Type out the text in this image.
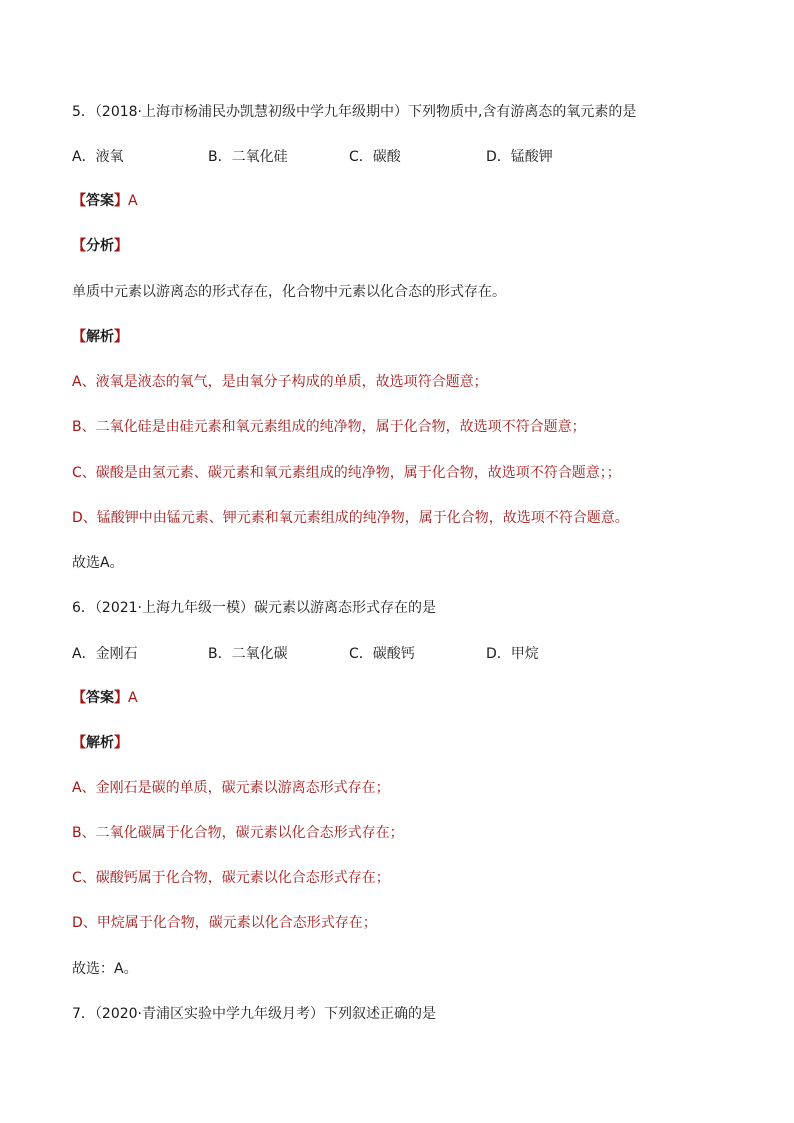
5．（2018·上海市杨浦民办凯慧初级中学九年级期中）下列物质中,含有游离态的氧元素的是
A．液氧	B．二氧化硅	C．碳酸	D．锰酸钾
【答案】A
【分析】
单质中元素以游离态的形式存在，化合物中元素以化合态的形式存在。
【解析】
A、液氧是液态的氧气，是由氧分子构成的单质，故选项符合题意；
B、二氧化硅是由硅元素和氧元素组成的纯净物，属于化合物，故选项不符合题意；
C、碳酸是由氢元素、碳元素和氧元素组成的纯净物，属于化合物，故选项不符合题意；；
D、锰酸钾中由锰元素、钾元素和氧元素组成的纯净物，属于化合物，故选项不符合题意。
故选A。
6．（2021·上海九年级一模）碳元素以游离态形式存在的是
A．金刚石	B．二氧化碳	C．碳酸钙	D．甲烷
【答案】A
【解析】
A、金刚石是碳的单质，碳元素以游离态形式存在；
B、二氧化碳属于化合物，碳元素以化合态形式存在；
C、碳酸钙属于化合物，碳元素以化合态形式存在；
D、甲烷属于化合物，碳元素以化合态形式存在；
故选：A。
7．（2020·青浦区实验中学九年级月考）下列叙述正确的是
